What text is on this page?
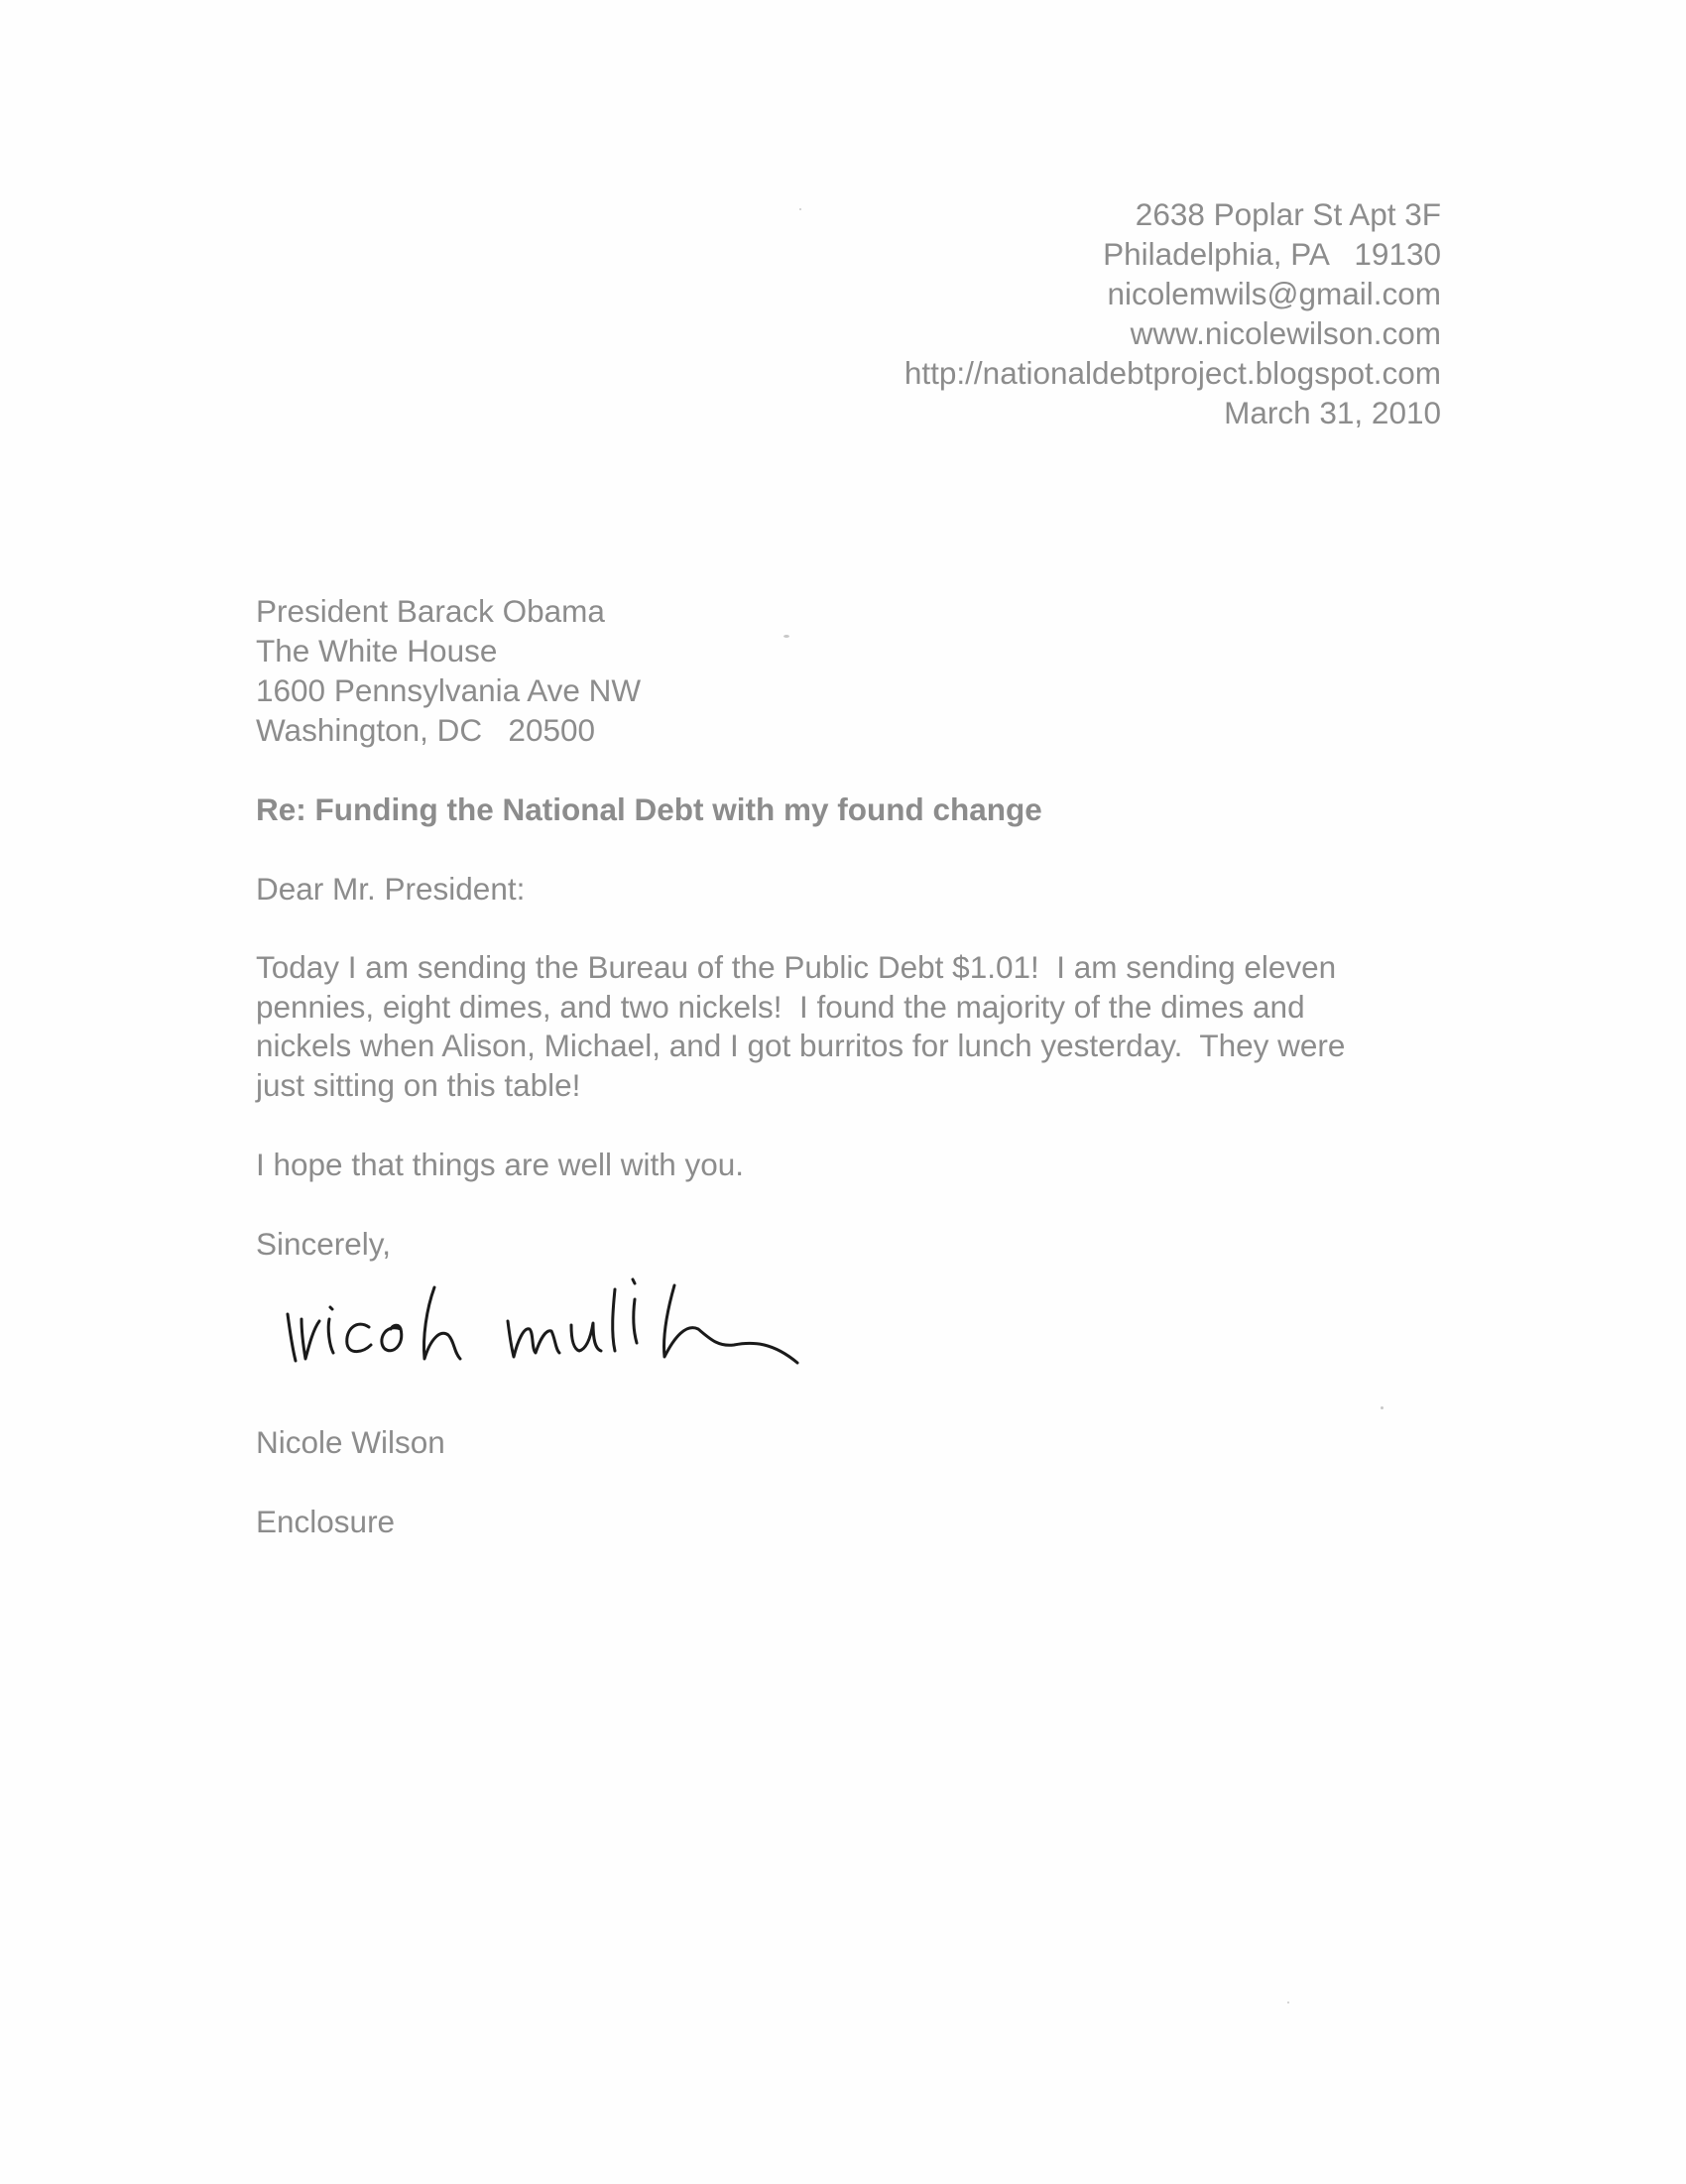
2638 Poplar St Apt 3F
Philadelphia, PA   19130
nicolemwils@gmail.com
www.nicolewilson.com
http://nationaldebtproject.blogspot.com
March 31, 2010
President Barack Obama
The White House
1600 Pennsylvania Ave NW
Washington, DC   20500
Re: Funding the National Debt with my found change
Dear Mr. President:
Today I am sending the Bureau of the Public Debt $1.01!  I am sending eleven
pennies, eight dimes, and two nickels!  I found the majority of the dimes and
nickels when Alison, Michael, and I got burritos for lunch yesterday.  They were
just sitting on this table!
I hope that things are well with you.
Sincerely,
Nicole Wilson
Enclosure
